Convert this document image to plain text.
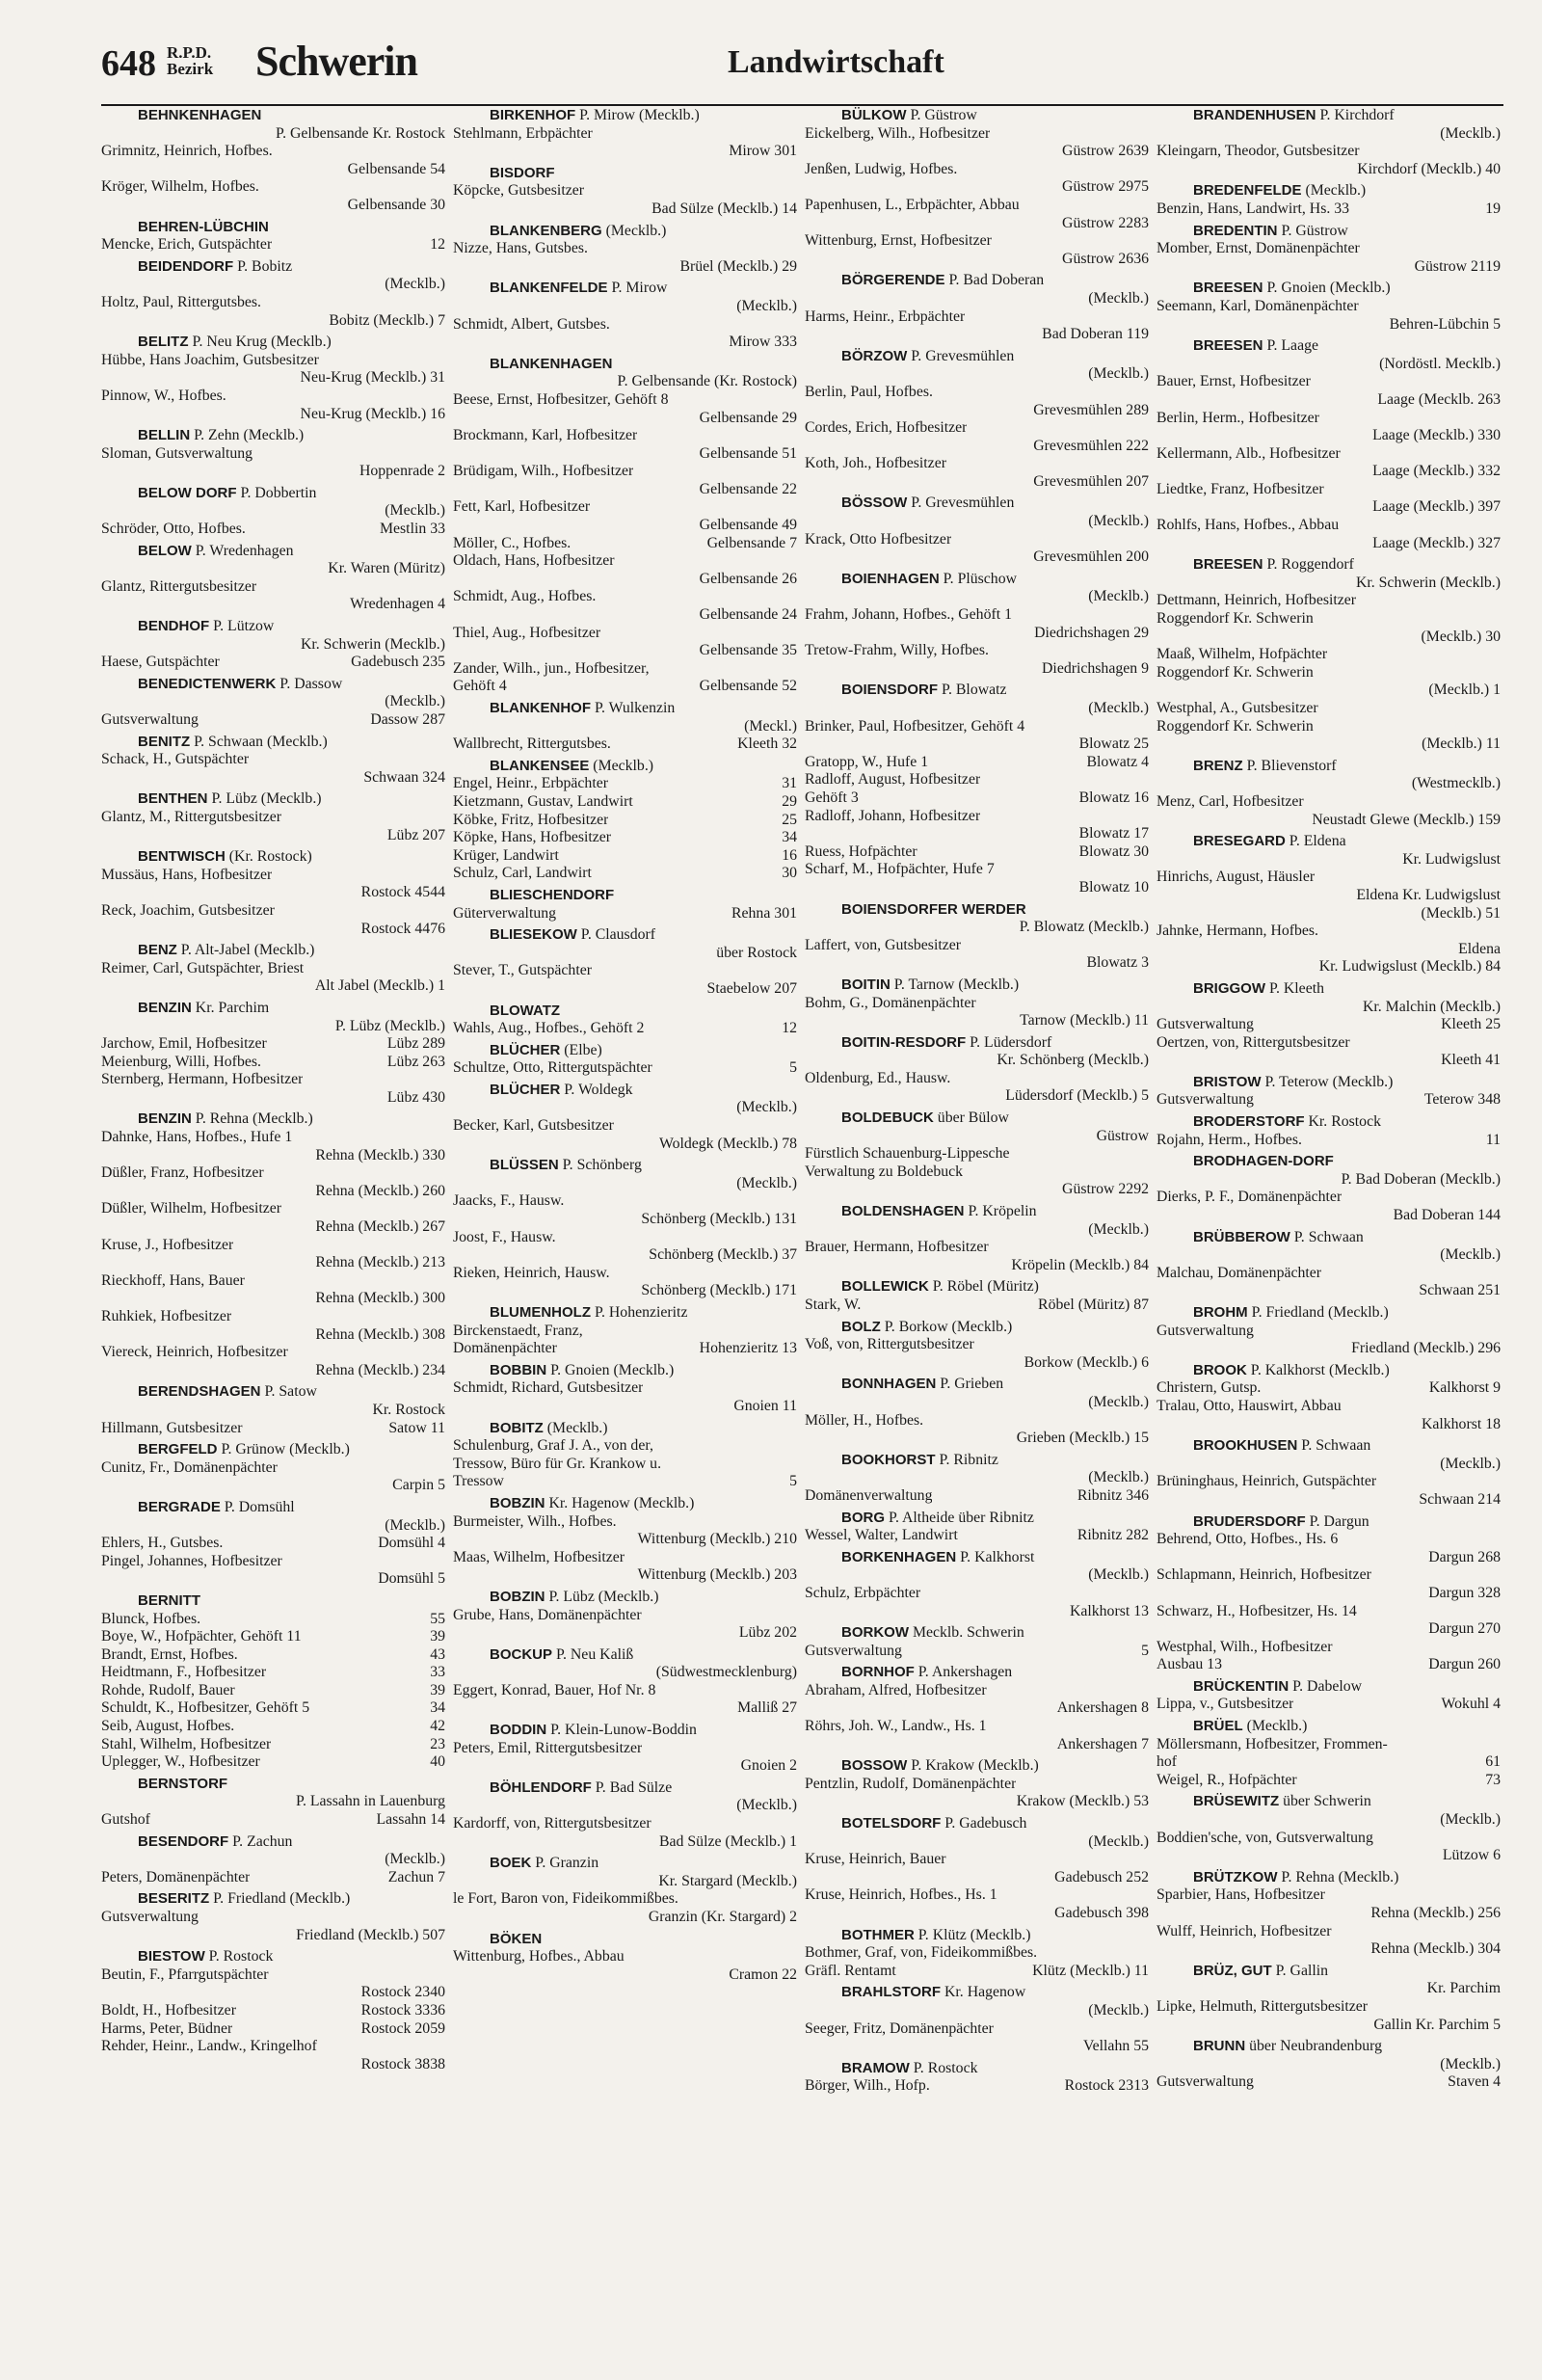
648 R.P.D.
Bezirk Schwerin	Landwirtschaft
BEHNKENHAGEN
P. Gelbensande Kr. Rostock
Grimnitz, Heinrich, Hofbes.
Gelbensande 54
Kröger, Wilhelm, Hofbes.
Gelbensande 30
BEHREN-LÜBCHIN
Mencke, Erich, Gutspächter	12
BEIDENDORF P. Bobitz
(Mecklb.)
Holtz, Paul, Rittergutsbes.
Bobitz (Mecklb.) 7
BELITZ P. Neu Krug (Mecklb.)
Hübbe, Hans Joachim, Gutsbesitzer
Neu-Krug (Mecklb.) 31
Pinnow, W., Hofbes.
Neu-Krug (Mecklb.) 16
BELLIN P. Zehn (Mecklb.)
Sloman, Gutsverwaltung
Hoppenrade 2
BELOW DORF P. Dobbertin
(Mecklb.)
Schröder, Otto, Hofbes.	Mestlin 33
BELOW P. Wredenhagen
Kr. Waren (Müritz)
Glantz, Rittergutsbesitzer
Wredenhagen 4
BENDHOF P. Lützow
Kr. Schwerin (Mecklb.)
Haese, Gutspächter	Gadebusch 235
BENEDICTENWERK P. Dassow
(Mecklb.)
Gutsverwaltung	Dassow 287
BENITZ P. Schwaan (Mecklb.)
Schack, H., Gutspächter
Schwaan 324
BENTHEN P. Lübz (Mecklb.)
Glantz, M., Rittergutsbesitzer
Lübz 207
BENTWISCH (Kr. Rostock)
Mussäus, Hans, Hofbesitzer
Rostock 4544
Reck, Joachim, Gutsbesitzer
Rostock 4476
BENZ P. Alt-Jabel (Mecklb.)
Reimer, Carl, Gutspächter, Briest
Alt Jabel (Mecklb.) 1
BENZIN Kr. Parchim
P. Lübz (Mecklb.)
Jarchow, Emil, Hofbesitzer	Lübz 289
Meienburg, Willi, Hofbes.	Lübz 263
Sternberg, Hermann, Hofbesitzer
Lübz 430
BENZIN P. Rehna (Mecklb.)
Dahnke, Hans, Hofbes., Hufe 1
Rehna (Mecklb.) 330
Düßler, Franz, Hofbesitzer
Rehna (Mecklb.) 260
Düßler, Wilhelm, Hofbesitzer
Rehna (Mecklb.) 267
Kruse, J., Hofbesitzer
Rehna (Mecklb.) 213
Rieckhoff, Hans, Bauer
Rehna (Mecklb.) 300
Ruhkiek, Hofbesitzer
Rehna (Mecklb.) 308
Viereck, Heinrich, Hofbesitzer
Rehna (Mecklb.) 234
BERENDSHAGEN P. Satow
Kr. Rostock
Hillmann, Gutsbesitzer	Satow 11
BERGFELD P. Grünow (Mecklb.)
Cunitz, Fr., Domänenpächter
Carpin 5
BERGRADE P. Domsühl
(Mecklb.)
Ehlers, H., Gutsbes.	Domsühl 4
Pingel, Johannes, Hofbesitzer
Domsühl 5
BERNITT
Blunck, Hofbes.	55
Boye, W., Hofpächter, Gehöft 11	39
Brandt, Ernst, Hofbes.	43
Heidtmann, F., Hofbesitzer	33
Rohde, Rudolf, Bauer	39
Schuldt, K., Hofbesitzer, Gehöft 5	34
Seib, August, Hofbes.	42
Stahl, Wilhelm, Hofbesitzer	23
Uplegger, W., Hofbesitzer	40
BERNSTORF
P. Lassahn in Lauenburg
Gutshof	Lassahn 14
BESENDORF P. Zachun
(Mecklb.)
Peters, Domänenpächter	Zachun 7
BESERITZ P. Friedland (Mecklb.)
Gutsverwaltung
Friedland (Mecklb.) 507
BIESTOW P. Rostock
Beutin, F., Pfarrgutspächter
Rostock 2340
Boldt, H., Hofbesitzer	Rostock 3336
Harms, Peter, Büdner	Rostock 2059
Rehder, Heinr., Landw., Kringelhof
Rostock 3838
BIRKENHOF P. Mirow (Mecklb.)
Stehlmann, Erbpächter
Mirow 301
BISDORF
Köpcke, Gutsbesitzer
Bad Sülze (Mecklb.) 14
BLANKENBERG (Mecklb.)
Nizze, Hans, Gutsbes.
Brüel (Mecklb.) 29
BLANKENFELDE P. Mirow
(Mecklb.)
Schmidt, Albert, Gutsbes.
Mirow 333
BLANKENHAGEN
P. Gelbensande (Kr. Rostock)
Beese, Ernst, Hofbesitzer, Gehöft 8
Gelbensande 29
Brockmann, Karl, Hofbesitzer
Gelbensande 51
Brüdigam, Wilh., Hofbesitzer
Gelbensande 22
Fett, Karl, Hofbesitzer
Gelbensande 49
Möller, C., Hofbes.	Gelbensande 7
Oldach, Hans, Hofbesitzer
Gelbensande 26
Schmidt, Aug., Hofbes.
Gelbensande 24
Thiel, Aug., Hofbesitzer
Gelbensande 35
Zander, Wilh., jun., Hofbesitzer,
Gehöft 4	Gelbensande 52
BLANKENHOF P. Wulkenzin
(Meckl.)
Wallbrecht, Rittergutsbes.	Kleeth 32
BLANKENSEE (Mecklb.)
Engel, Heinr., Erbpächter	31
Kietzmann, Gustav, Landwirt	29
Köbke, Fritz, Hofbesitzer	25
Köpke, Hans, Hofbesitzer	34
Krüger, Landwirt	16
Schulz, Carl, Landwirt	30
BLIESCHENDORF
Güterverwaltung	Rehna 301
BLIESEKOW P. Clausdorf
über Rostock
Stever, T., Gutspächter
Staebelow 207
BLOWATZ
Wahls, Aug., Hofbes., Gehöft 2	12
BLÜCHER (Elbe)
Schultze, Otto, Rittergutspächter	5
BLÜCHER P. Woldegk
(Mecklb.)
Becker, Karl, Gutsbesitzer
Woldegk (Mecklb.) 78
BLÜSSEN P. Schönberg
(Mecklb.)
Jaacks, F., Hausw.
Schönberg (Mecklb.) 131
Joost, F., Hausw.
Schönberg (Mecklb.) 37
Rieken, Heinrich, Hausw.
Schönberg (Mecklb.) 171
BLUMENHOLZ P. Hohenzieritz
Birckenstaedt, Franz,
Domänenpächter	Hohenzieritz 13
BOBBIN P. Gnoien (Mecklb.)
Schmidt, Richard, Gutsbesitzer
Gnoien 11
BOBITZ (Mecklb.)
Schulenburg, Graf J. A., von der,
Tressow, Büro für Gr. Krankow u.
Tressow	5
BOBZIN Kr. Hagenow (Mecklb.)
Burmeister, Wilh., Hofbes.
Wittenburg (Mecklb.) 210
Maas, Wilhelm, Hofbesitzer
Wittenburg (Mecklb.) 203
BOBZIN P. Lübz (Mecklb.)
Grube, Hans, Domänenpächter
Lübz 202
BOCKUP P. Neu Kaliß
(Südwestmecklenburg)
Eggert, Konrad, Bauer, Hof Nr. 8
Malliß 27
BODDIN P. Klein-Lunow-Boddin
Peters, Emil, Rittergutsbesitzer
Gnoien 2
BÖHLENDORF P. Bad Sülze
(Mecklb.)
Kardorff, von, Rittergutsbesitzer
Bad Sülze (Mecklb.) 1
BOEK P. Granzin
Kr. Stargard (Mecklb.)
le Fort, Baron von, Fideikommißbes.
Granzin (Kr. Stargard) 2
BÖKEN
Wittenburg, Hofbes., Abbau
Cramon 22
BÜLKOW P. Güstrow
Eickelberg, Wilh., Hofbesitzer
Güstrow 2639
Jenßen, Ludwig, Hofbes.
Güstrow 2975
Papenhusen, L., Erbpächter, Abbau
Güstrow 2283
Wittenburg, Ernst, Hofbesitzer
Güstrow 2636
BÖRGERENDE P. Bad Doberan
(Mecklb.)
Harms, Heinr., Erbpächter
Bad Doberan 119
BÖRZOW P. Grevesmühlen
(Mecklb.)
Berlin, Paul, Hofbes.
Grevesmühlen 289
Cordes, Erich, Hofbesitzer
Grevesmühlen 222
Koth, Joh., Hofbesitzer
Grevesmühlen 207
BÖSSOW P. Grevesmühlen
(Mecklb.)
Krack, Otto Hofbesitzer
Grevesmühlen 200
BOIENHAGEN P. Plüschow
(Mecklb.)
Frahm, Johann, Hofbes., Gehöft 1
Diedrichshagen 29
Tretow-Frahm, Willy, Hofbes.
Diedrichshagen 9
BOIENSDORF P. Blowatz
(Mecklb.)
Brinker, Paul, Hofbesitzer, Gehöft 4
Blowatz 25
Gratopp, W., Hufe 1	Blowatz 4
Radloff, August, Hofbesitzer
Gehöft 3	Blowatz 16
Radloff, Johann, Hofbesitzer
Blowatz 17
Ruess, Hofpächter	Blowatz 30
Scharf, M., Hofpächter, Hufe 7
Blowatz 10
BOIENSDORFER WERDER
P. Blowatz (Mecklb.)
Laffert, von, Gutsbesitzer
Blowatz 3
BOITIN P. Tarnow (Mecklb.)
Bohm, G., Domänenpächter
Tarnow (Mecklb.) 11
BOITIN-RESDORF P. Lüdersdorf
Kr. Schönberg (Mecklb.)
Oldenburg, Ed., Hausw.
Lüdersdorf (Mecklb.) 5
BOLDEBUCK über Bülow
Güstrow
Fürstlich Schauenburg-Lippesche
Verwaltung zu Boldebuck
Güstrow 2292
BOLDENSHAGEN P. Kröpelin
(Mecklb.)
Brauer, Hermann, Hofbesitzer
Kröpelin (Mecklb.) 84
BOLLEWICK P. Röbel (Müritz)
Stark, W.	Röbel (Müritz) 87
BOLZ P. Borkow (Mecklb.)
Voß, von, Rittergutsbesitzer
Borkow (Mecklb.) 6
BONNHAGEN P. Grieben
(Mecklb.)
Möller, H., Hofbes.
Grieben (Mecklb.) 15
BOOKHORST P. Ribnitz
(Mecklb.)
Domänenverwaltung	Ribnitz 346
BORG P. Altheide über Ribnitz
Wessel, Walter, Landwirt	Ribnitz 282
BORKENHAGEN P. Kalkhorst
(Mecklb.)
Schulz, Erbpächter
Kalkhorst 13
BORKOW Mecklb. Schwerin
Gutsverwaltung	5
BORNHOF P. Ankershagen
Abraham, Alfred, Hofbesitzer
Ankershagen 8
Röhrs, Joh. W., Landw., Hs. 1
Ankershagen 7
BOSSOW P. Krakow (Mecklb.)
Pentzlin, Rudolf, Domänenpächter
Krakow (Mecklb.) 53
BOTELSDORF P. Gadebusch
(Mecklb.)
Kruse, Heinrich, Bauer
Gadebusch 252
Kruse, Heinrich, Hofbes., Hs. 1
Gadebusch 398
BOTHMER P. Klütz (Mecklb.)
Bothmer, Graf, von, Fideikommißbes.
Gräfl. Rentamt	Klütz (Mecklb.) 11
BRAHLSTORF Kr. Hagenow
(Mecklb.)
Seeger, Fritz, Domänenpächter
Vellahn 55
BRAMOW P. Rostock
Börger, Wilh., Hofp.	Rostock 2313
BRANDENHUSEN P. Kirchdorf
(Mecklb.)
Kleingarn, Theodor, Gutsbesitzer
Kirchdorf (Mecklb.) 40
BREDENFELDE (Mecklb.)
Benzin, Hans, Landwirt, Hs. 33	19
BREDENTIN P. Güstrow
Momber, Ernst, Domänenpächter
Güstrow 2119
BREESEN P. Gnoien (Mecklb.)
Seemann, Karl, Domänenpächter
Behren-Lübchin 5
BREESEN P. Laage
(Nordöstl. Mecklb.)
Bauer, Ernst, Hofbesitzer
Laage (Mecklb. 263
Berlin, Herm., Hofbesitzer
Laage (Mecklb.) 330
Kellermann, Alb., Hofbesitzer
Laage (Mecklb.) 332
Liedtke, Franz, Hofbesitzer
Laage (Mecklb.) 397
Rohlfs, Hans, Hofbes., Abbau
Laage (Mecklb.) 327
BREESEN P. Roggendorf
Kr. Schwerin (Mecklb.)
Dettmann, Heinrich, Hofbesitzer
Roggendorf Kr. Schwerin
(Mecklb.) 30
Maaß, Wilhelm, Hofpächter
Roggendorf Kr. Schwerin
(Mecklb.) 1
Westphal, A., Gutsbesitzer
Roggendorf Kr. Schwerin
(Mecklb.) 11
BRENZ P. Blievenstorf
(Westmecklb.)
Menz, Carl, Hofbesitzer
Neustadt Glewe (Mecklb.) 159
BRESEGARD P. Eldena
Kr. Ludwigslust
Hinrichs, August, Häusler
Eldena Kr. Ludwigslust
(Mecklb.) 51
Jahnke, Hermann, Hofbes.
Eldena
Kr. Ludwigslust (Mecklb.) 84
BRIGGOW P. Kleeth
Kr. Malchin (Mecklb.)
Gutsverwaltung	Kleeth 25
Oertzen, von, Rittergutsbesitzer
Kleeth 41
BRISTOW P. Teterow (Mecklb.)
Gutsverwaltung	Teterow 348
BRODERSTORF Kr. Rostock
Rojahn, Herm., Hofbes.	11
BRODHAGEN-DORF
P. Bad Doberan (Mecklb.)
Dierks, P. F., Domänenpächter
Bad Doberan 144
BRÜBBEROW P. Schwaan
(Mecklb.)
Malchau, Domänenpächter
Schwaan 251
BROHM P. Friedland (Mecklb.)
Gutsverwaltung
Friedland (Mecklb.) 296
BROOK P. Kalkhorst (Mecklb.)
Christern, Gutsp.	Kalkhorst 9
Tralau, Otto, Hauswirt, Abbau
Kalkhorst 18
BROOKHUSEN P. Schwaan
(Mecklb.)
Brüninghaus, Heinrich, Gutspächter
Schwaan 214
BRUDERSDORF P. Dargun
Behrend, Otto, Hofbes., Hs. 6
Dargun 268
Schlapmann, Heinrich, Hofbesitzer
Dargun 328
Schwarz, H., Hofbesitzer, Hs. 14
Dargun 270
Westphal, Wilh., Hofbesitzer
Ausbau 13	Dargun 260
BRÜCKENTIN P. Dabelow
Lippa, v., Gutsbesitzer	Wokuhl 4
BRÜEL (Mecklb.)
Möllersmann, Hofbesitzer, Frommen-
hof	61
Weigel, R., Hofpächter	73
BRÜSEWITZ über Schwerin
(Mecklb.)
Boddien'sche, von, Gutsverwaltung
Lützow 6
BRÜTZKOW P. Rehna (Mecklb.)
Sparbier, Hans, Hofbesitzer
Rehna (Mecklb.) 256
Wulff, Heinrich, Hofbesitzer
Rehna (Mecklb.) 304
BRÜZ, GUT P. Gallin
Kr. Parchim
Lipke, Helmuth, Rittergutsbesitzer
Gallin Kr. Parchim 5
BRUNN über Neubrandenburg
(Mecklb.)
Gutsverwaltung	Staven 4
